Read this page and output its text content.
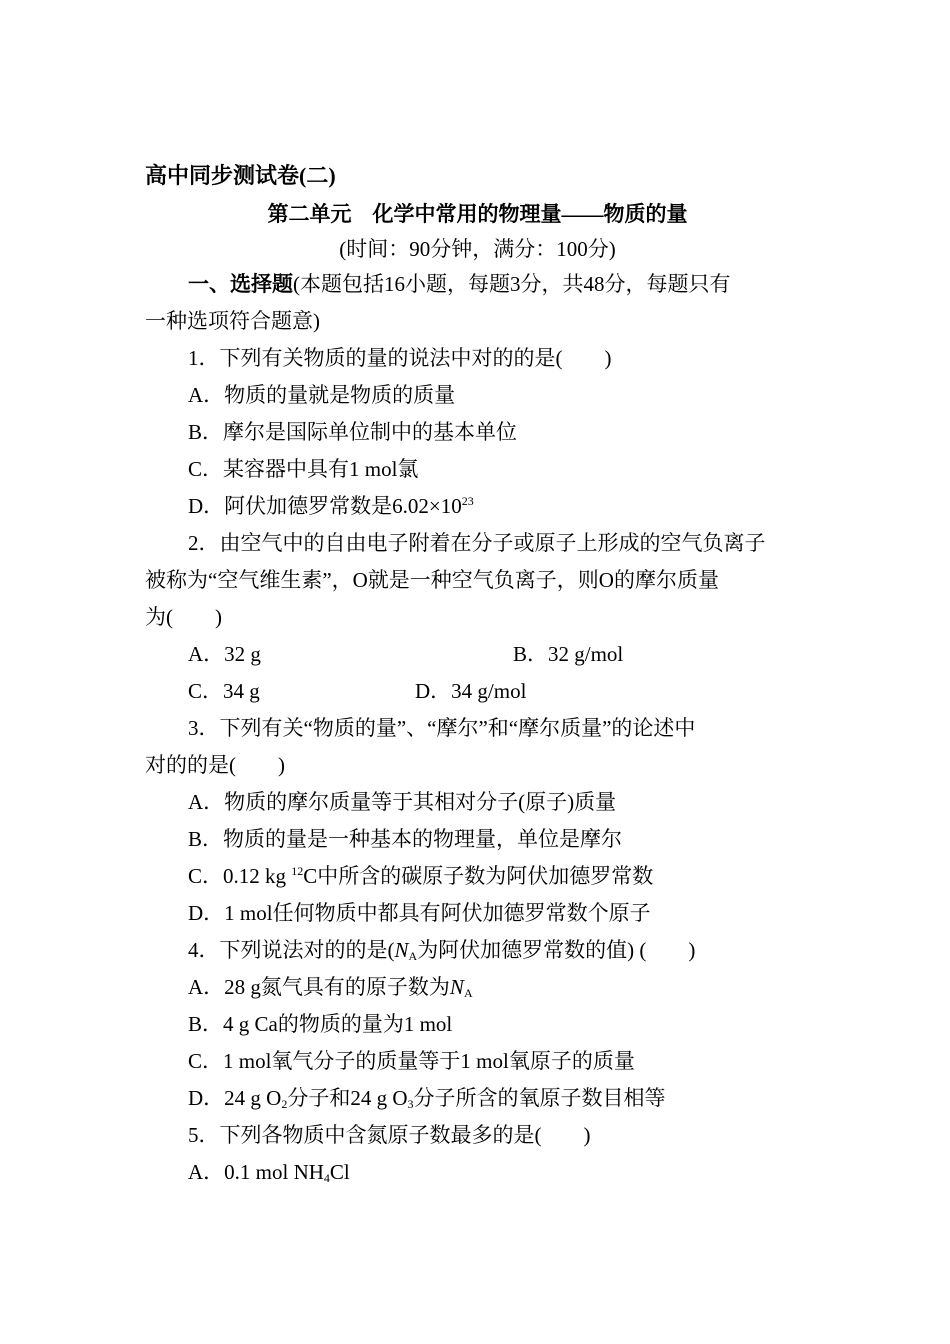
高中同步测试卷(二)
第二单元　化学中常用的物理量——物质的量
(时间：90分钟，满分：100分)
一、选择题(本题包括16小题，每题3分，共48分，每题只有
一种选项符合题意)
1．下列有关物质的量的说法中对的的是(　　)
A．物质的量就是物质的质量
B．摩尔是国际单位制中的基本单位
C．某容器中具有1 mol氯
D．阿伏加德罗常数是$6.02\times 10^{23}$
2．由空气中的自由电子附着在分子或原子上形成的空气负离子
被称为“空气维生素”，O就是一种空气负离子，则O的摩尔质量
为(　　)
A．32 g	B．32 g/mol
C．34 g	D．34 g/mol
3．下列有关“物质的量”、“摩尔”和“摩尔质量”的论述中
对的的是(　　)
A．物质的摩尔质量等于其相对分子(原子)质量
B．物质的量是一种基本的物理量，单位是摩尔
C．0.12 kg $^{12}$C中所含的碳原子数为阿伏加德罗常数
D．1 mol任何物质中都具有阿伏加德罗常数个原子
4．下列说法对的的是($N_A$为阿伏加德罗常数的值) (　　)
A．28 g氮气具有的原子数为$N_A$
B．4 g Ca的物质的量为1 mol
C．1 mol氧气分子的质量等于1 mol氧原子的质量
D．24 g $O_2$分子和24 g $O_3$分子所含的氧原子数目相等
5．下列各物质中含氮原子数最多的是(　　)
A．0.1 mol $NH_4Cl$
